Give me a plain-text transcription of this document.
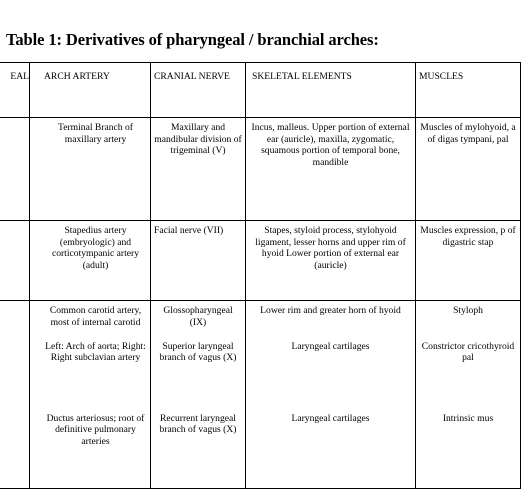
Table 1: Derivatives of pharyngeal / branchial arches:
EAL	ARCH ARTERY	CRANIAL NERVE	SKELETAL ELEMENTS	MUSCLES
	Terminal Branch of maxillary artery	Maxillary and mandibular division of trigeminal (V)	Incus, malleus. Upper portion of external ear (auricle), maxilla, zygomatic, squamous portion of temporal bone, mandible	Muscles of mylohyoid, a of digas tympani, pal
	Stapedius artery (embryologic) and corticotympanic artery (adult)	Facial nerve (VII)	Stapes, styloid process, stylohyoid ligament, lesser horns and upper rim of hyoid Lower portion of external ear (auricle)	Muscles expression, p of digastric stap
	Common carotid artery, most of internal carotid	Glossopharyngeal (IX)	Lower rim and greater horn of hyoid	Styloph
	Left: Arch of aorta; Right: Right subclavian artery	Superior laryngeal branch of vagus (X)	Laryngeal cartilages	Constrictor cricothyroid pal
	Ductus arteriosus; root of definitive pulmonary arteries	Recurrent laryngeal branch of vagus (X)	Laryngeal cartilages	Intrinsic mus
